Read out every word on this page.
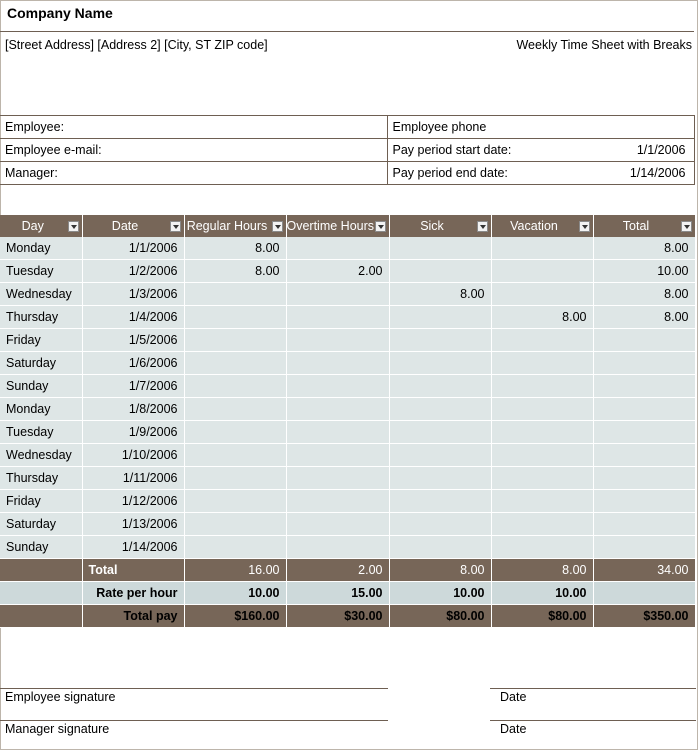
Company Name
[Street Address] [Address 2] [City, ST ZIP code]	Weekly Time Sheet with Breaks
Employee:	Employee phone	
Employee e-mail:	Pay period start date:	1/1/2006
Manager:	Pay period end date:	1/14/2006
Day	Date	Regular Hours	Overtime Hours	Sick	Vacation	Total

Monday	1/1/2006	8.00				8.00
Tuesday	1/2/2006	8.00	2.00			10.00
Wednesday	1/3/2006			8.00		8.00
Thursday	1/4/2006				8.00	8.00
Friday	1/5/2006					
Saturday	1/6/2006					
Sunday	1/7/2006					
Monday	1/8/2006					
Tuesday	1/9/2006					
Wednesday	1/10/2006					
Thursday	1/11/2006					
Friday	1/12/2006					
Saturday	1/13/2006					
Sunday	1/14/2006					
	Total	16.00	2.00	8.00	8.00	34.00
	Rate per hour	10.00	15.00	10.00	10.00	
	Total pay	$160.00	$30.00	$80.00	$80.00	$350.00
Employee signature	Date
Manager signature	Date
